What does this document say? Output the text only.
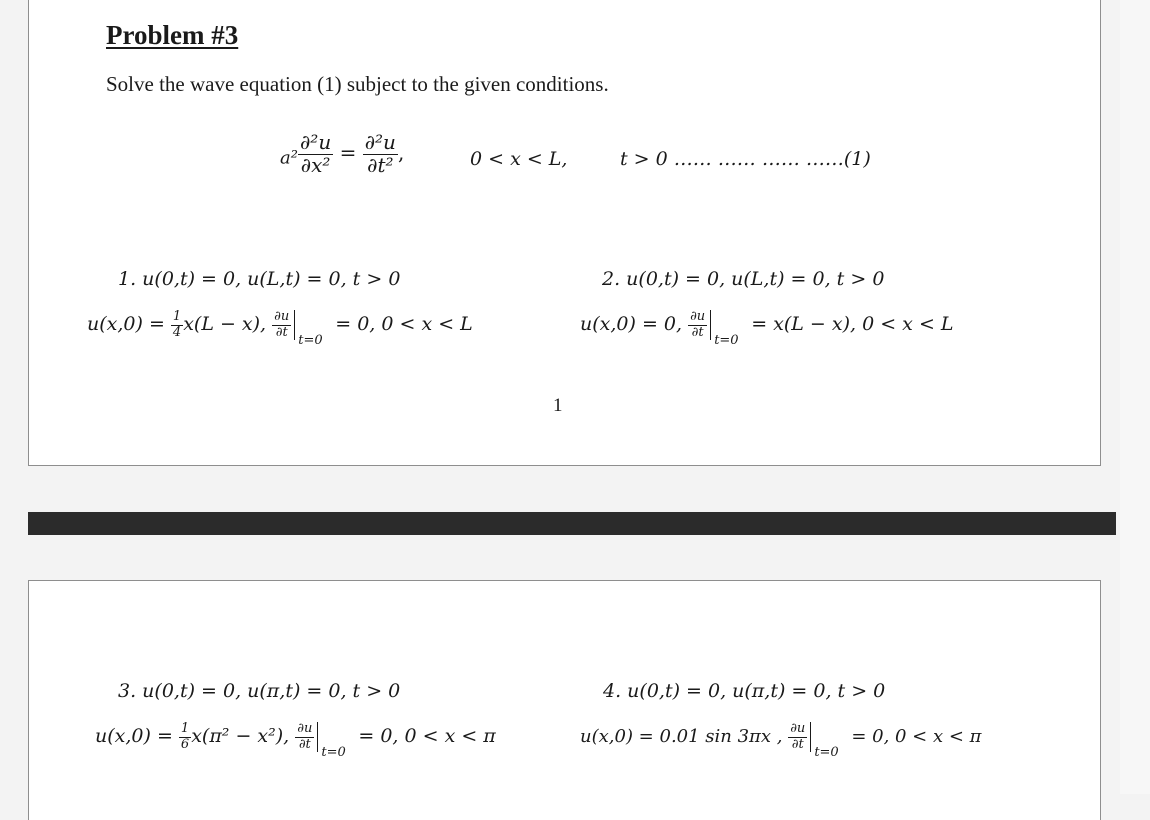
Problem #3
Solve the wave equation (1) subject to the given conditions.
$a^2 \frac{\text{∂²u}}{\text{∂x²}} = \frac{\text{∂²u}}{\text{∂t²}}$ ,	0 < x < L,	t > 0 …… …… …… ……(1)
1. u(0,t) = 0, u(L,t) = 0, t > 0
$u(x,0) = \frac{1}{4} x(L - x)$, $\frac{\partial u}{\partial t}$
t=0
= 0, 0 < x < L
2. u(0,t) = 0, u(L,t) = 0, t > 0
u(x,0) = 0, $\frac{\partial u}{\partial t}$
t=0
= x(L − x), 0 < x < L
1
3. u(0,t) = 0, u(π,t) = 0, t > 0
$u(x,0) = \frac{1}{6} x(\pi^2 - x^2)$, $\frac{\partial u}{\partial t}$
t=0
= 0, 0 < x < π
4. u(0,t) = 0, u(π,t) = 0, t > 0
u(x,0) = 0.01 sin 3πx , $\frac{\partial u}{\partial t}$
t=0
= 0, 0 < x < π
